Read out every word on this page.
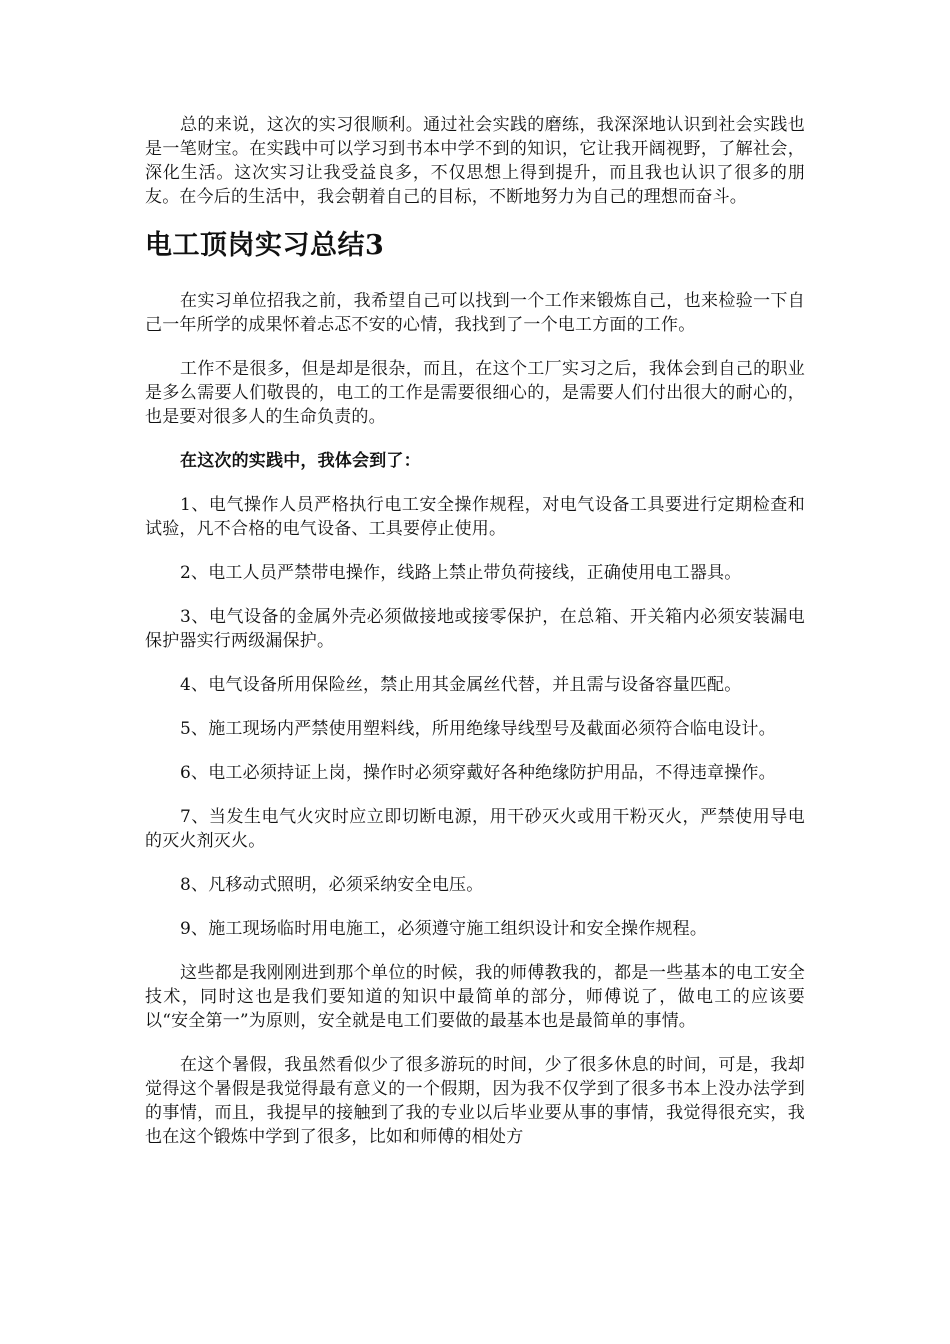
总的来说，这次的实习很顺利。通过社会实践的磨练，我深深地认识到社会实践也是一笔财宝。在实践中可以学习到书本中学不到的知识，它让我开阔视野，了解社会，深化生活。这次实习让我受益良多，不仅思想上得到提升，而且我也认识了很多的朋友。在今后的生活中，我会朝着自己的目标，不断地努力为自己的理想而奋斗。

电工顶岗实习总结3

在实习单位招我之前，我希望自己可以找到一个工作来锻炼自己，也来检验一下自己一年所学的成果怀着忐忑不安的心情，我找到了一个电工方面的工作。

工作不是很多，但是却是很杂，而且，在这个工厂实习之后，我体会到自己的职业是多么需要人们敬畏的，电工的工作是需要很细心的，是需要人们付出很大的耐心的，也是要对很多人的生命负责的。

在这次的实践中，我体会到了：

1、电气操作人员严格执行电工安全操作规程，对电气设备工具要进行定期检查和试验，凡不合格的电气设备、工具要停止使用。

2、电工人员严禁带电操作，线路上禁止带负荷接线，正确使用电工器具。

3、电气设备的金属外壳必须做接地或接零保护，在总箱、开关箱内必须安装漏电保护器实行两级漏保护。

4、电气设备所用保险丝，禁止用其金属丝代替，并且需与设备容量匹配。

5、施工现场内严禁使用塑料线，所用绝缘导线型号及截面必须符合临电设计。

6、电工必须持证上岗，操作时必须穿戴好各种绝缘防护用品，不得违章操作。

7、当发生电气火灾时应立即切断电源，用干砂灭火或用干粉灭火，严禁使用导电的灭火剂灭火。

8、凡移动式照明，必须采纳安全电压。

9、施工现场临时用电施工，必须遵守施工组织设计和安全操作规程。

这些都是我刚刚进到那个单位的时候，我的师傅教我的，都是一些基本的电工安全技术，同时这也是我们要知道的知识中最简单的部分，师傅说了，做电工的应该要以“安全第一”为原则，安全就是电工们要做的最基本也是最简单的事情。

在这个暑假，我虽然看似少了很多游玩的时间，少了很多休息的时间，可是，我却觉得这个暑假是我觉得最有意义的一个假期，因为我不仅学到了很多书本上没办法学到的事情，而且，我提早的接触到了我的专业以后毕业要从事的事情，我觉得很充实，我也在这个锻炼中学到了很多，比如和师傅的相处方
